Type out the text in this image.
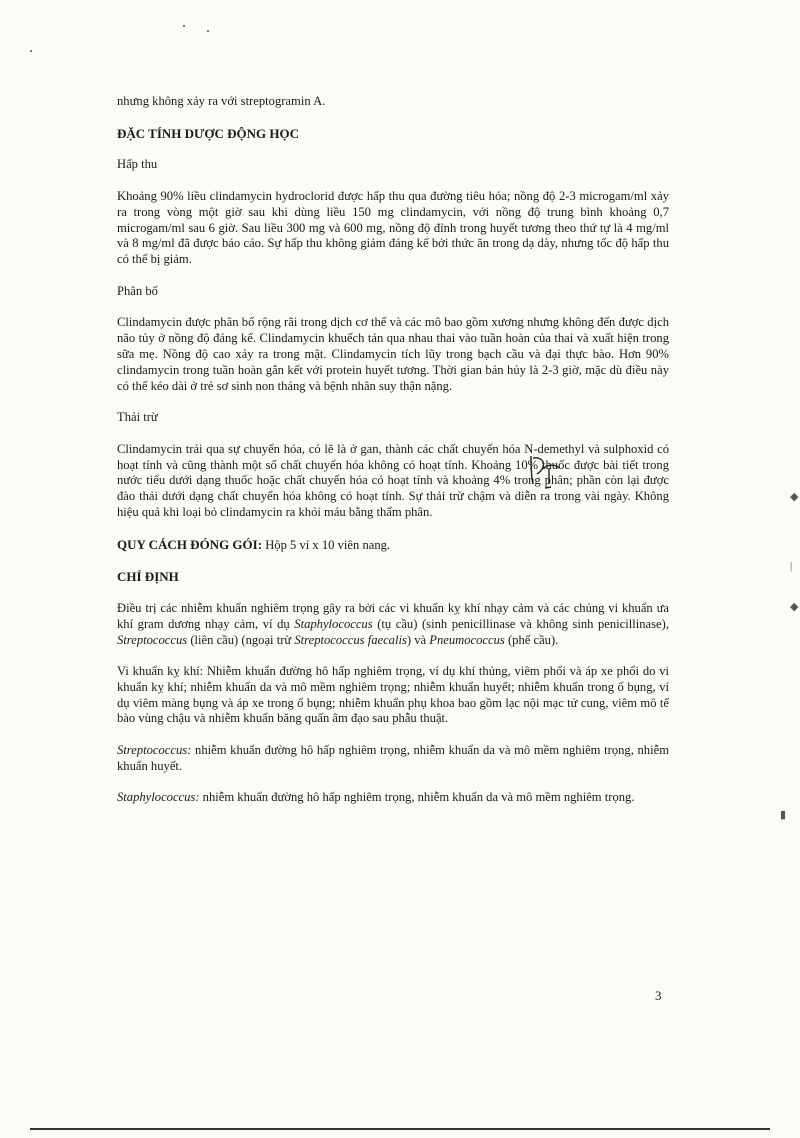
nhưng không xảy ra với streptogramin A.

ĐẶC TÍNH DƯỢC ĐỘNG HỌC

Hấp thu

Khoảng 90% liều clindamycin hydroclorid được hấp thu qua đường tiêu hóa; nồng độ 2-3 microgam/ml xảy ra trong vòng một giờ sau khi dùng liều 150 mg clindamycin, với nồng độ trung bình khoảng 0,7 microgam/ml sau 6 giờ. Sau liều 300 mg và 600 mg, nồng độ đỉnh trong huyết tương theo thứ tự là 4 mg/ml và 8 mg/ml đã được báo cáo. Sự hấp thu không giảm đáng kể bởi thức ăn trong dạ dày, nhưng tốc độ hấp thu có thể bị giảm.

Phân bố

Clindamycin được phân bố rộng rãi trong dịch cơ thể và các mô bao gồm xương nhưng không đến được dịch não tủy ở nồng độ đáng kể. Clindamycin khuếch tán qua nhau thai vào tuần hoàn của thai và xuất hiện trong sữa mẹ. Nồng độ cao xảy ra trong mật. Clindamycin tích lũy trong bạch cầu và đại thực bào. Hơn 90% clindamycin trong tuần hoàn gắn kết với protein huyết tương. Thời gian bán hủy là 2-3 giờ, mặc dù điều này có thể kéo dài ở trẻ sơ sinh non tháng và bệnh nhân suy thận nặng.

Thải trừ

Clindamycin trải qua sự chuyển hóa, có lẽ là ở gan, thành các chất chuyển hóa N-demethyl và sulphoxid có hoạt tính và cũng thành một số chất chuyển hóa không có hoạt tính. Khoảng 10% thuốc được bài tiết trong nước tiểu dưới dạng thuốc hoặc chất chuyển hóa có hoạt tính và khoảng 4% trong phân; phần còn lại được đào thải dưới dạng chất chuyển hóa không có hoạt tính. Sự thải trừ chậm và diễn ra trong vài ngày. Không hiệu quả khi loại bỏ clindamycin ra khỏi máu bằng thẩm phân.

QUY CÁCH ĐÓNG GÓI: Hộp 5 vỉ x 10 viên nang.

CHỈ ĐỊNH

Điều trị các nhiễm khuẩn nghiêm trọng gây ra bởi các vi khuẩn kỵ khí nhạy cảm và các chủng vi khuẩn ưa khí gram dương nhạy cảm, ví dụ Staphylococcus (tụ cầu) (sinh penicillinase và không sinh penicillinase), Streptococcus (liên cầu) (ngoại trừ Streptococcus faecalis) và Pneumococcus (phế cầu).

Vi khuẩn kỵ khí: Nhiễm khuẩn đường hô hấp nghiêm trọng, ví dụ khí thủng, viêm phổi và áp xe phổi do vi khuẩn kỵ khí; nhiễm khuẩn da và mô mềm nghiêm trọng; nhiễm khuẩn huyết; nhiễm khuẩn trong ổ bụng, ví dụ viêm màng bụng và áp xe trong ổ bụng; nhiễm khuẩn phụ khoa bao gồm lạc nội mạc tử cung, viêm mô tế bào vùng chậu và nhiễm khuẩn băng quấn âm đạo sau phẫu thuật.

Streptococcus: nhiễm khuẩn đường hô hấp nghiêm trọng, nhiễm khuẩn da và mô mềm nghiêm trọng, nhiễm khuẩn huyết.

Staphylococcus: nhiễm khuẩn đường hô hấp nghiêm trọng, nhiễm khuẩn da và mô mềm nghiêm trọng.

◆
|
◆
▮
3
